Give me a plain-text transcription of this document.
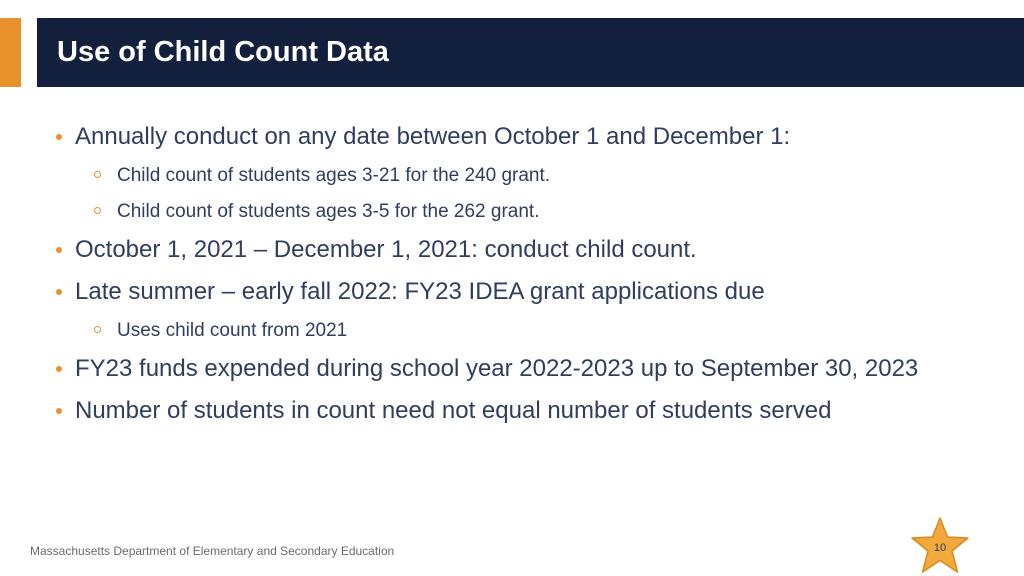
Use of Child Count Data
Annually conduct on any date between October 1 and December 1:
Child count of students ages 3-21 for the 240 grant.
Child count of students ages 3-5 for the 262 grant.
October 1, 2021 – December 1, 2021: conduct child count.
Late summer – early fall 2022: FY23 IDEA grant applications due
Uses child count from 2021
FY23 funds expended during school year 2022-2023 up to September 30, 2023
Number of students in count need not equal number of students served
Massachusetts Department of Elementary and Secondary Education	10
